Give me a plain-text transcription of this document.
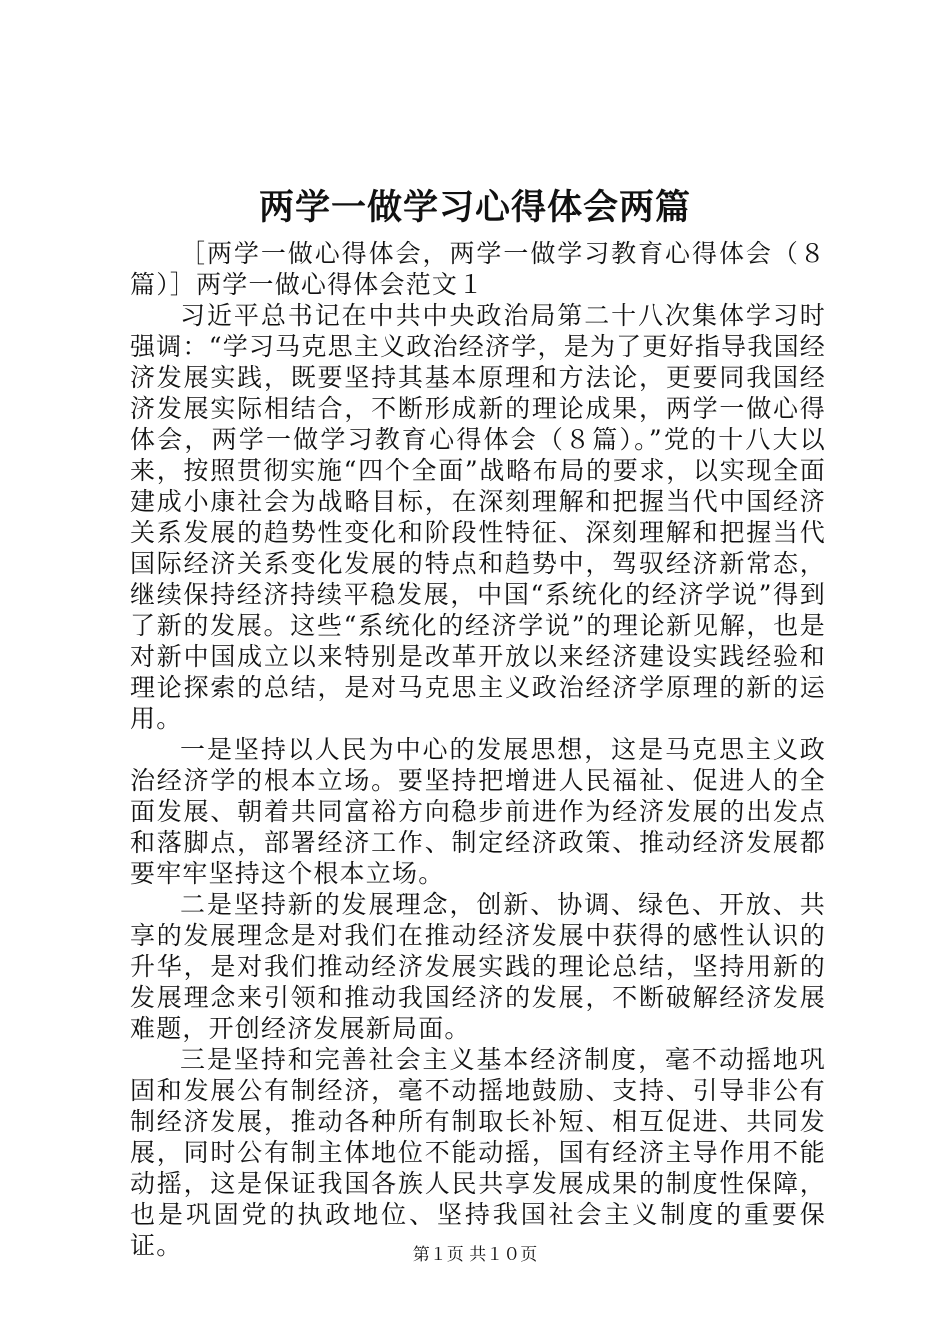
两学一做学习心得体会两篇

［两学一做心得体会，两学一做学习教育心得体会（８篇）］两学一做心得体会范文１

习近平总书记在中共中央政治局第二十八次集体学习时强调：“学习马克思主义政治经济学，是为了更好指导我国经济发展实践，既要坚持其基本原理和方法论，更要同我国经济发展实际相结合，不断形成新的理论成果，两学一做心得体会，两学一做学习教育心得体会（８篇）。”党的十八大以来，按照贯彻实施“四个全面”战略布局的要求，以实现全面建成小康社会为战略目标，在深刻理解和把握当代中国经济关系发展的趋势性变化和阶段性特征、深刻理解和把握当代国际经济关系变化发展的特点和趋势中，驾驭经济新常态，继续保持经济持续平稳发展，中国“系统化的经济学说”得到了新的发展。这些“系统化的经济学说”的理论新见解，也是对新中国成立以来特别是改革开放以来经济建设实践经验和理论探索的总结，是对马克思主义政治经济学原理的新的运用。

一是坚持以人民为中心的发展思想，这是马克思主义政治经济学的根本立场。要坚持把增进人民福祉、促进人的全面发展、朝着共同富裕方向稳步前进作为经济发展的出发点和落脚点，部署经济工作、制定经济政策、推动经济发展都要牢牢坚持这个根本立场。

二是坚持新的发展理念，创新、协调、绿色、开放、共享的发展理念是对我们在推动经济发展中获得的感性认识的升华，是对我们推动经济发展实践的理论总结，坚持用新的发展理念来引领和推动我国经济的发展，不断破解经济发展难题，开创经济发展新局面。

三是坚持和完善社会主义基本经济制度，毫不动摇地巩固和发展公有制经济，毫不动摇地鼓励、支持、引导非公有制经济发展，推动各种所有制取长补短、相互促进、共同发展，同时公有制主体地位不能动摇，国有经济主导作用不能动摇，这是保证我国各族人民共享发展成果的制度性保障，也是巩固党的执政地位、坚持我国社会主义制度的重要保证。	第１页 共１０页
